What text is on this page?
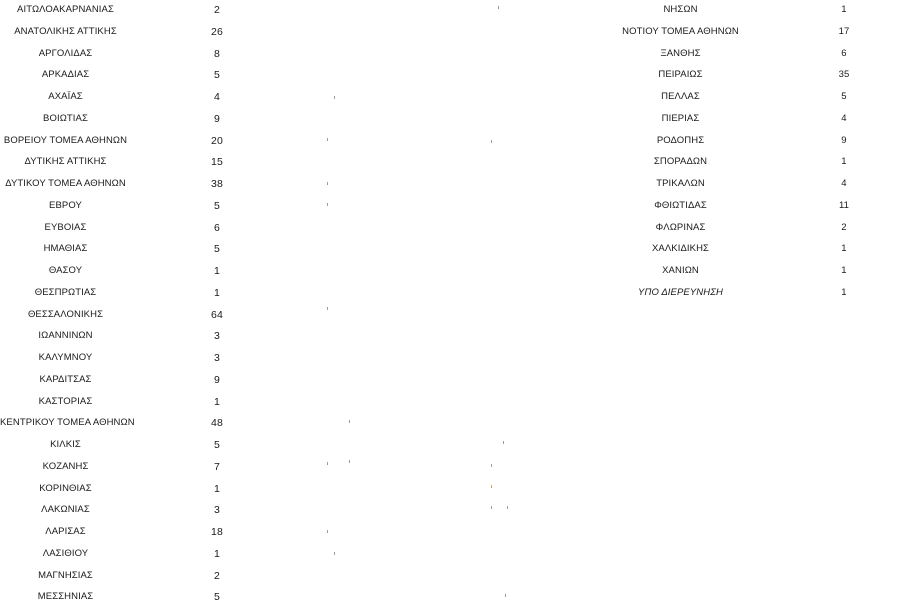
ΑΙΤΩΛΟΑΚΑΡΝΑΝΙΑΣ	2
ΑΝΑΤΟΛΙΚΗΣ ΑΤΤΙΚΗΣ	26
ΑΡΓΟΛΙΔΑΣ	8
ΑΡΚΑΔΙΑΣ	5
ΑΧΑΪΑΣ	4
ΒΟΙΩΤΙΑΣ	9
ΒΟΡΕΙΟΥ ΤΟΜΕΑ ΑΘΗΝΩΝ	20
ΔΥΤΙΚΗΣ ΑΤΤΙΚΗΣ	15
ΔΥΤΙΚΟΥ ΤΟΜΕΑ ΑΘΗΝΩΝ	38
ΕΒΡΟΥ	5
ΕΥΒΟΙΑΣ	6
ΗΜΑΘΙΑΣ	5
ΘΑΣΟΥ	1
ΘΕΣΠΡΩΤΙΑΣ	1
ΘΕΣΣΑΛΟΝΙΚΗΣ	64
ΙΩΑΝΝΙΝΩΝ	3
ΚΑΛΥΜΝΟΥ	3
ΚΑΡΔΙΤΣΑΣ	9
ΚΑΣΤΟΡΙΑΣ	1
ΚΕΝΤΡΙΚΟΥ ΤΟΜΕΑ ΑΘΗΝΩΝ	48
ΚΙΛΚΙΣ	5
ΚΟΖΑΝΗΣ	7
ΚΟΡΙΝΘΙΑΣ	1
ΛΑΚΩΝΙΑΣ	3
ΛΑΡΙΣΑΣ	18
ΛΑΣΙΘΙΟΥ	1
ΜΑΓΝΗΣΙΑΣ	2
ΜΕΣΣΗΝΙΑΣ	5
ΝΗΣΩΝ	1
ΝΟΤΙΟΥ ΤΟΜΕΑ ΑΘΗΝΩΝ	17
ΞΑΝΘΗΣ	6
ΠΕΙΡΑΙΩΣ	35
ΠΕΛΛΑΣ	5
ΠΙΕΡΙΑΣ	4
ΡΟΔΟΠΗΣ	9
ΣΠΟΡΑΔΩΝ	1
ΤΡΙΚΑΛΩΝ	4
ΦΘΙΩΤΙΔΑΣ	11
ΦΛΩΡΙΝΑΣ	2
ΧΑΛΚΙΔΙΚΗΣ	1
ΧΑΝΙΩΝ	1
ΥΠΟ ΔΙΕΡΕΥΝΗΣΗ	1
